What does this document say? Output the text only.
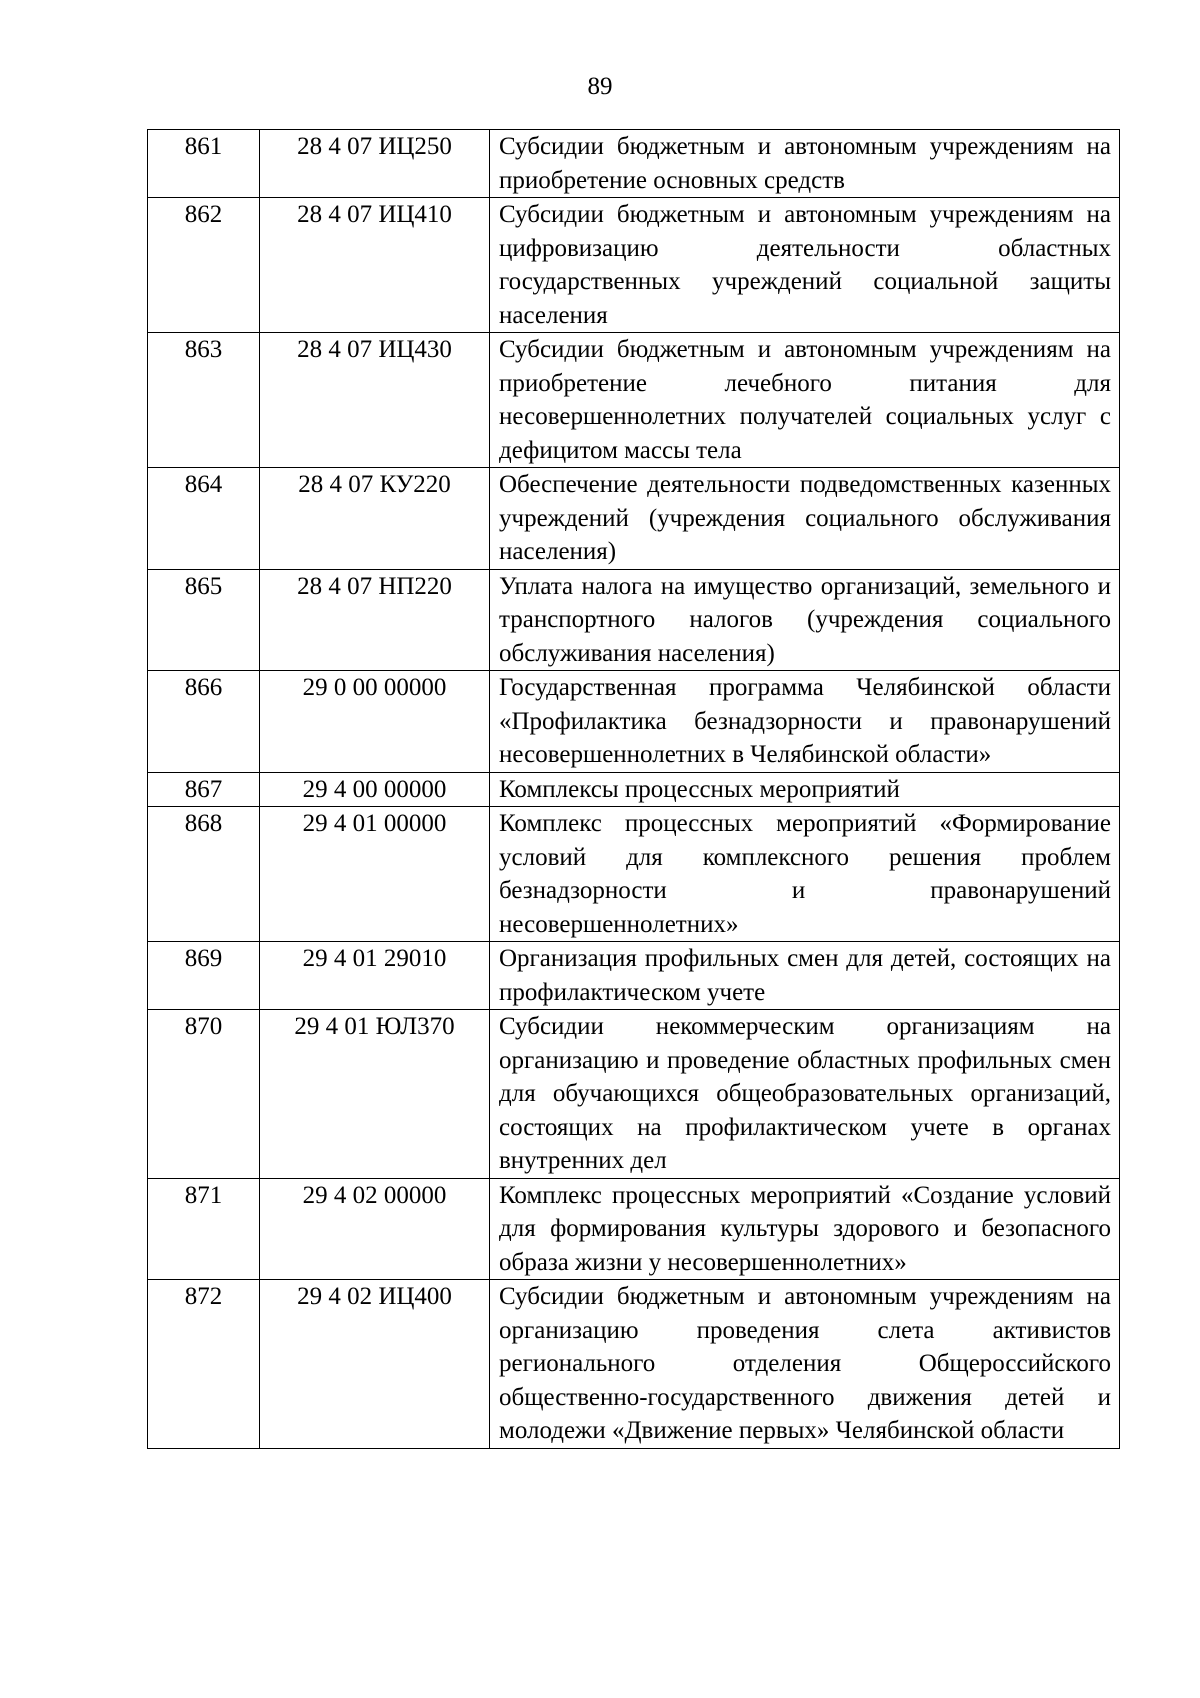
89
861	28 4 07 ИЦ250	Субсидии бюджетным и автономным учреждениям на приобретение основных средств

862	28 4 07 ИЦ410	Субсидии бюджетным и автономным учреждениям на цифровизацию деятельности областных государственных учреждений социальной защиты населения

863	28 4 07 ИЦ430	Субсидии бюджетным и автономным учреждениям на приобретение лечебного питания для несовершеннолетних получателей социальных услуг с дефицитом массы тела

864	28 4 07 КУ220	Обеспечение деятельности подведомственных казенных учреждений (учреждения социального обслуживания населения)

865	28 4 07 НП220	Уплата налога на имущество организаций, земельного и транспортного налогов (учреждения социального обслуживания населения)

866	29 0 00 00000	Государственная программа Челябинской области «Профилактика безнадзорности и правонарушений несовершеннолетних в Челябинской области»

867	29 4 00 00000	Комплексы процессных мероприятий

868	29 4 01 00000	Комплекс процессных мероприятий «Формирование условий для комплексного решения проблем безнадзорности и правонарушений несовершеннолетних»

869	29 4 01 29010	Организация профильных смен для детей, состоящих на профилактическом учете

870	29 4 01 ЮЛ370	Субсидии некоммерческим организациям на организацию и проведение областных профильных смен для обучающихся общеобразовательных организаций, состоящих на профилактическом учете в органах внутренних дел

871	29 4 02 00000	Комплекс процессных мероприятий «Создание условий для формирования культуры здорового и безопасного образа жизни у несовершеннолетних»

872	29 4 02 ИЦ400	Субсидии бюджетным и автономным учреждениям на организацию проведения слета активистов регионального отделения Общероссийского общественно-государственного движения детей и молодежи «Движение первых» Челябинской области
